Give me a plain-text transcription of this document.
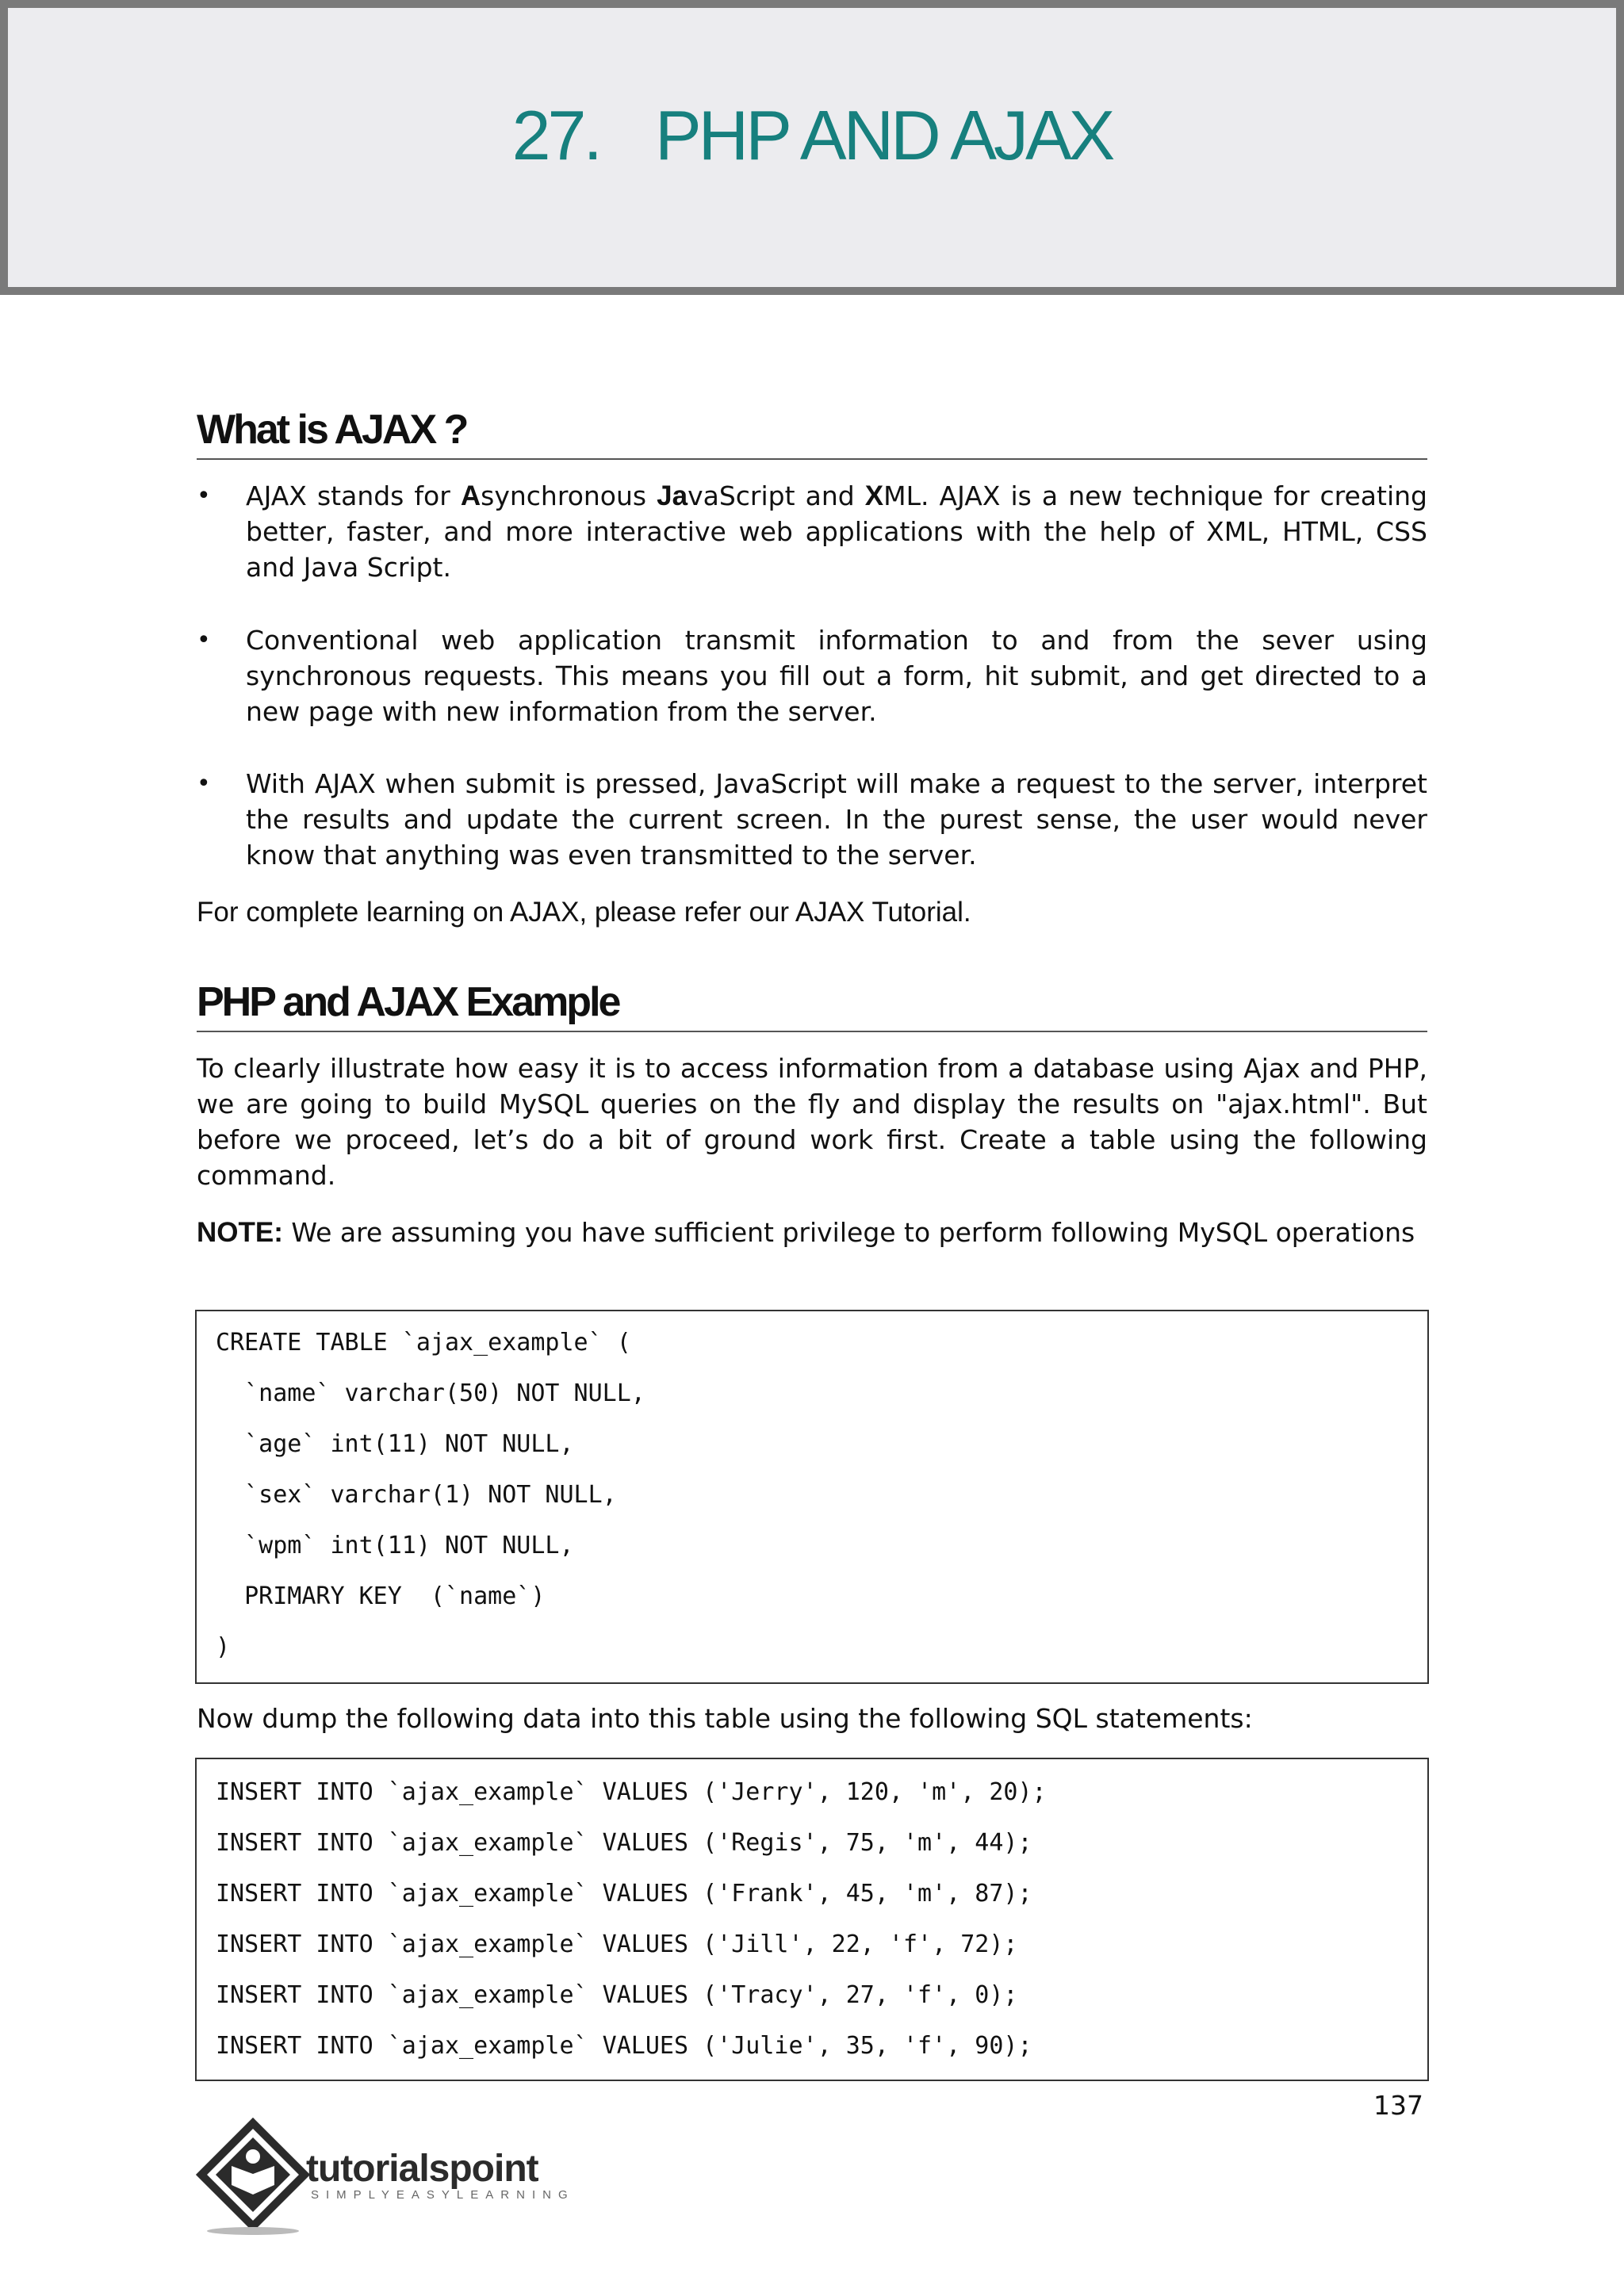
27. PHP AND AJAX
What is AJAX ?
• AJAX stands for Asynchronous JavaScript and XML. AJAX is a new technique for creating better, faster, and more interactive web applications with the help of XML, HTML, CSS and Java Script.

• Conventional web application transmit information to and from the sever using synchronous requests. This means you fill out a form, hit submit, and get directed to a new page with new information from the server.

• With AJAX when submit is pressed, JavaScript will make a request to the server, interpret the results and update the current screen. In the purest sense, the user would never know that anything was even transmitted to the server.

For complete learning on AJAX, please refer our AJAX Tutorial.

PHP and AJAX Example

To clearly illustrate how easy it is to access information from a database using Ajax and PHP, we are going to build MySQL queries on the fly and display the results on "ajax.html". But before we proceed, let’s do a bit of ground work first. Create a table using the following command.

NOTE: We are assuming you have sufficient privilege to perform following MySQL operations

CREATE TABLE `ajax_example` (
`name` varchar(50) NOT NULL,
`age` int(11) NOT NULL,
`sex` varchar(1) NOT NULL,
`wpm` int(11) NOT NULL,
PRIMARY KEY  (`name`)
)

Now dump the following data into this table using the following SQL statements:

INSERT INTO `ajax_example` VALUES ('Jerry', 120, 'm', 20);
INSERT INTO `ajax_example` VALUES ('Regis', 75, 'm', 44);
INSERT INTO `ajax_example` VALUES ('Frank', 45, 'm', 87);
INSERT INTO `ajax_example` VALUES ('Jill', 22, 'f', 72);
INSERT INTO `ajax_example` VALUES ('Tracy', 27, 'f', 0);
INSERT INTO `ajax_example` VALUES ('Julie', 35, 'f', 90);
137
tutorialspoint
SIMPLYEASYLEARNING
